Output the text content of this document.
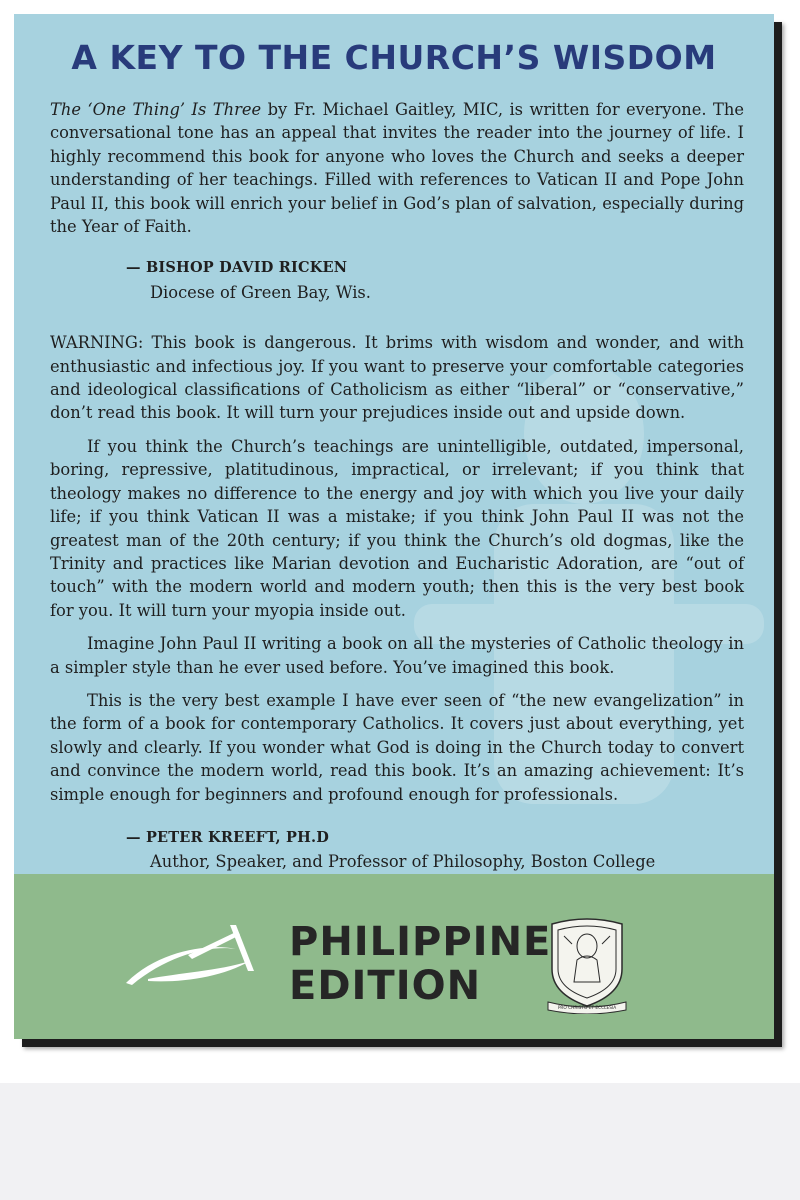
A KEY TO THE CHURCH’S WISDOM

The ‘One Thing’ Is Three by Fr. Michael Gaitley, MIC, is written for everyone. The conversational tone has an appeal that invites the reader into the journey of life. I highly recommend this book for anyone who loves the Church and seeks a deeper understanding of her teachings. Filled with references to Vatican II and Pope John Paul II, this book will enrich your belief in God’s plan of salvation, especially during the Year of Faith.

— BISHOP DAVID RICKEN
Diocese of Green Bay, Wis.

WARNING: This book is dangerous. It brims with wisdom and wonder, and with enthusiastic and infectious joy. If you want to preserve your comfortable categories and ideological classifications of Catholicism as either “liberal” or “conservative,” don’t read this book. It will turn your prejudices inside out and upside down.

If you think the Church’s teachings are unintelligible, outdated, impersonal, boring, repressive, platitudinous, impractical, or irrelevant; if you think that theology makes no difference to the energy and joy with which you live your daily life; if you think Vatican II was a mistake; if you think John Paul II was not the greatest man of the 20th century; if you think the Church’s old dogmas, like the Trinity and practices like Marian devotion and Eucharistic Adoration, are “out of touch” with the modern world and modern youth; then this is the very best book for you. It will turn your myopia inside out.

Imagine John Paul II writing a book on all the mysteries of Catholic theology in a simpler style than he ever used before. You’ve imagined this book.

This is the very best example I have ever seen of “the new evangelization” in the form of a book for contemporary Catholics. It covers just about everything, yet slowly and clearly. If you wonder what God is doing in the Church today to convert and convince the modern world, read this book. It’s an amazing achievement: It’s simple enough for beginners and profound enough for professionals.

— PETER KREEFT, PH.D
Author, Speaker, and Professor of Philosophy, Boston College
PHILIPPINE
EDITION	PRO CHRISTO ET ECCLESIA
